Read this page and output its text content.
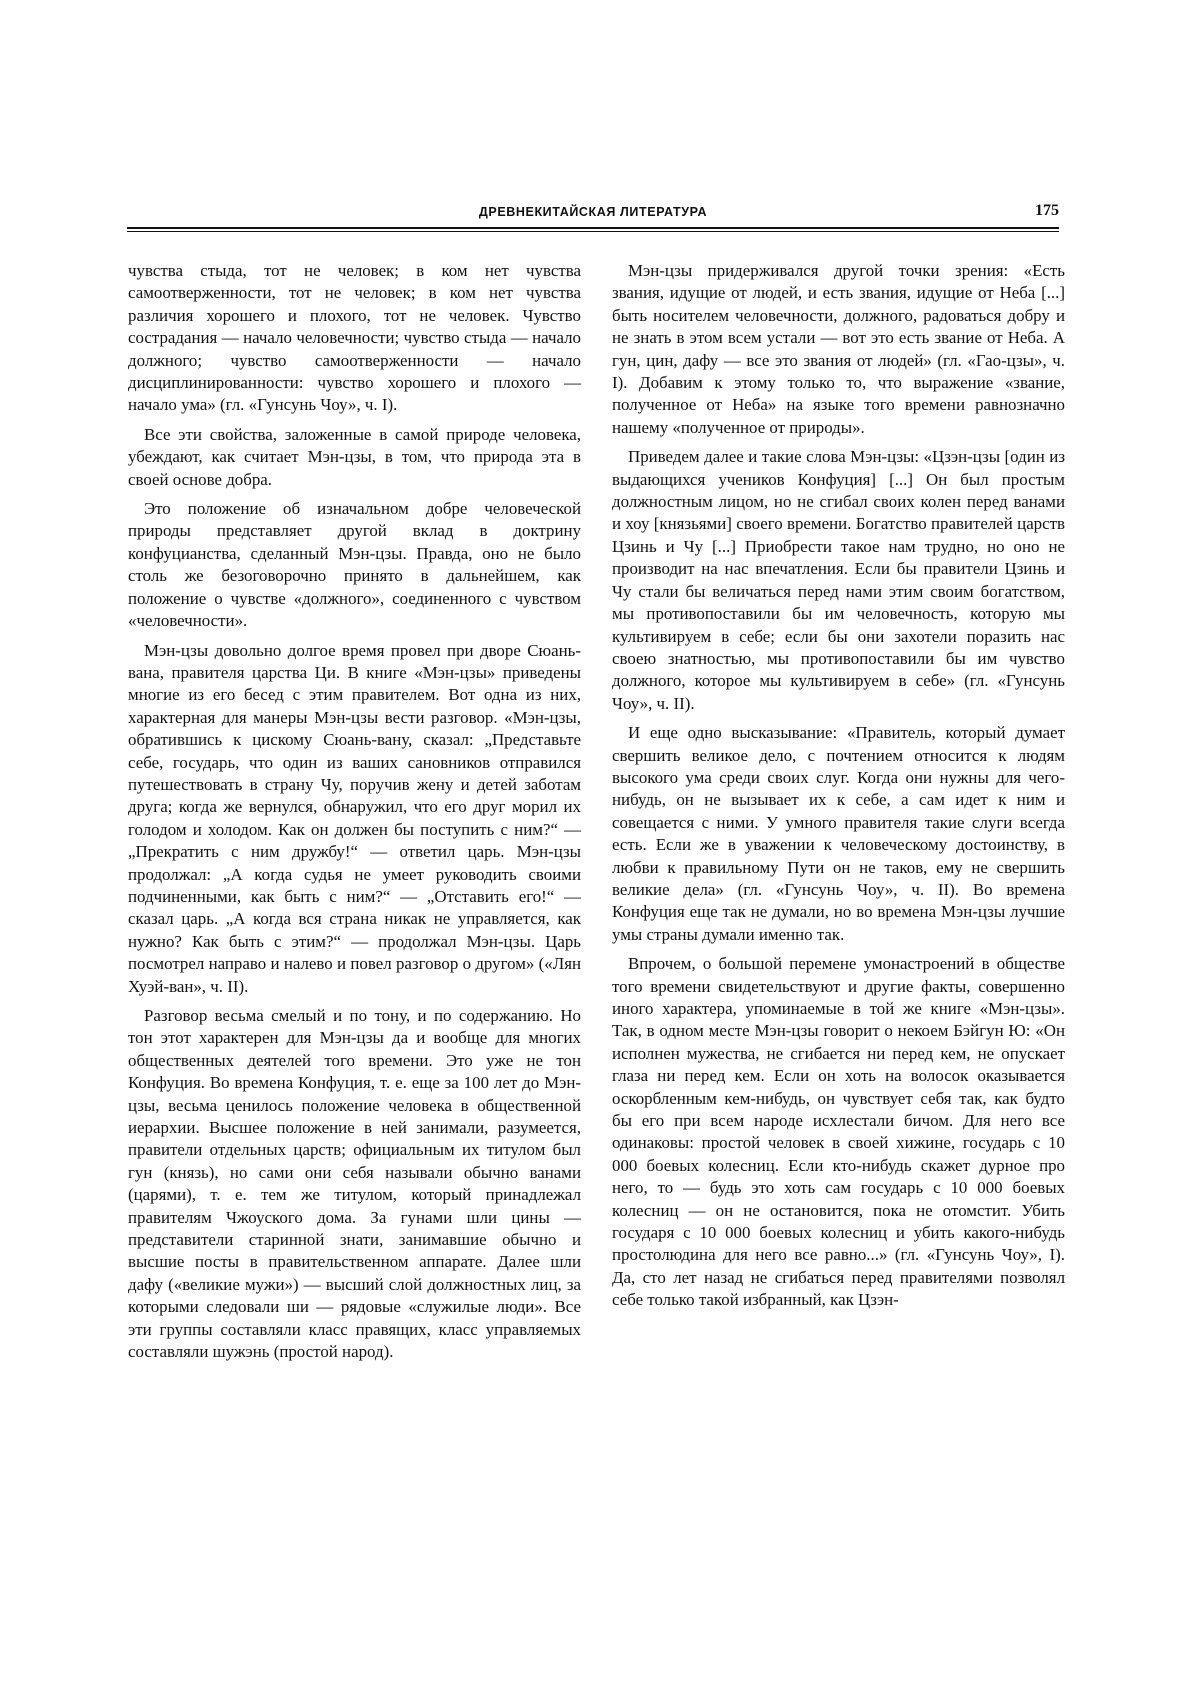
ДРЕВНЕКИТАЙСКАЯ ЛИТЕРАТУРА	175

чувства стыда, тот не человек; в ком нет чувства самоотверженности, тот не человек; в ком нет чувства различия хорошего и плохого, тот не человек. Чувство сострадания — начало человечности; чувство стыда — начало должного; чувство самоотверженности — начало дисциплинированности: чувство хорошего и плохого — начало ума» (гл. «Гунсунь Чоу», ч. I).

Все эти свойства, заложенные в самой природе человека, убеждают, как считает Мэн-цзы, в том, что природа эта в своей основе добра.

Это положение об изначальном добре человеческой природы представляет другой вклад в доктрину конфуцианства, сделанный Мэн-цзы. Правда, оно не было столь же безоговорочно принято в дальнейшем, как положение о чувстве «должного», соединенного с чувством «человечности».

Мэн-цзы довольно долгое время провел при дворе Сюань-вана, правителя царства Ци. В книге «Мэн-цзы» приведены многие из его бесед с этим правителем. Вот одна из них, характерная для манеры Мэн-цзы вести разговор. «Мэн-цзы, обратившись к цискому Сюань-вану, сказал: „Представьте себе, государь, что один из ваших сановников отправился путешествовать в страну Чу, поручив жену и детей заботам друга; когда же вернулся, обнаружил, что его друг морил их голодом и холодом. Как он должен бы поступить с ним?“ — „Прекратить с ним дружбу!“ — ответил царь. Мэн-цзы продолжал: „А когда судья не умеет руководить своими подчиненными, как быть с ним?“ — „Отставить его!“ — сказал царь. „А когда вся страна никак не управляется, как нужно? Как быть с этим?“ — продолжал Мэн-цзы. Царь посмотрел направо и налево и повел разговор о другом» («Лян Хуэй-ван», ч. II).

Разговор весьма смелый и по тону, и по содержанию. Но тон этот характерен для Мэн-цзы да и вообще для многих общественных деятелей того времени. Это уже не тон Конфуция. Во времена Конфуция, т. е. еще за 100 лет до Мэн-цзы, весьма ценилось положение человека в общественной иерархии. Высшее положение в ней занимали, разумеется, правители отдельных царств; официальным их титулом был гун (князь), но сами они себя называли обычно ванами (царями), т. е. тем же титулом, который принадлежал правителям Чжоуского дома. За гунами шли цины — представители старинной знати, занимавшие обычно и высшие посты в правительственном аппарате. Далее шли дафу («великие мужи») — высший слой должностных лиц, за которыми следовали ши — рядовые «служилые люди». Все эти группы составляли класс правящих, класс управляемых составляли шужэнь (простой народ).

Мэн-цзы придерживался другой точки зрения: «Есть звания, идущие от людей, и есть звания, идущие от Неба [...] быть носителем человечности, должного, радоваться добру и не знать в этом всем устали — вот это есть звание от Неба. А гун, цин, дафу — все это звания от людей» (гл. «Гао-цзы», ч. I). Добавим к этому только то, что выражение «звание, полученное от Неба» на языке того времени равнозначно нашему «полученное от природы».

Приведем далее и такие слова Мэн-цзы: «Цзэн-цзы [один из выдающихся учеников Конфуция] [...] Он был простым должностным лицом, но не сгибал своих колен перед ванами и хоу [князьями] своего времени. Богатство правителей царств Цзинь и Чу [...] Приобрести такое нам трудно, но оно не производит на нас впечатления. Если бы правители Цзинь и Чу стали бы величаться перед нами этим своим богатством, мы противопоставили бы им человечность, которую мы культивируем в себе; если бы они захотели поразить нас своею знатностью, мы противопоставили бы им чувство должного, которое мы культивируем в себе» (гл. «Гунсунь Чоу», ч. II).

И еще одно высказывание: «Правитель, который думает свершить великое дело, с почтением относится к людям высокого ума среди своих слуг. Когда они нужны для чего-нибудь, он не вызывает их к себе, а сам идет к ним и совещается с ними. У умного правителя такие слуги всегда есть. Если же в уважении к человеческому достоинству, в любви к правильному Пути он не таков, ему не свершить великие дела» (гл. «Гунсунь Чоу», ч. II). Во времена Конфуция еще так не думали, но во времена Мэн-цзы лучшие умы страны думали именно так.

Впрочем, о большой перемене умонастроений в обществе того времени свидетельствуют и другие факты, совершенно иного характера, упоминаемые в той же книге «Мэн-цзы». Так, в одном месте Мэн-цзы говорит о некоем Бэйгун Ю: «Он исполнен мужества, не сгибается ни перед кем, не опускает глаза ни перед кем. Если он хоть на волосок оказывается оскорбленным кем-нибудь, он чувствует себя так, как будто бы его при всем народе исхлестали бичом. Для него все одинаковы: простой человек в своей хижине, государь с 10 000 боевых колесниц. Если кто-нибудь скажет дурное про него, то — будь это хоть сам государь с 10 000 боевых колесниц — он не остановится, пока не отомстит. Убить государя с 10 000 боевых колесниц и убить какого-нибудь простолюдина для него все равно...» (гл. «Гунсунь Чоу», I). Да, сто лет назад не сгибаться перед правителями позволял себе только такой избранный, как Цзэн-
